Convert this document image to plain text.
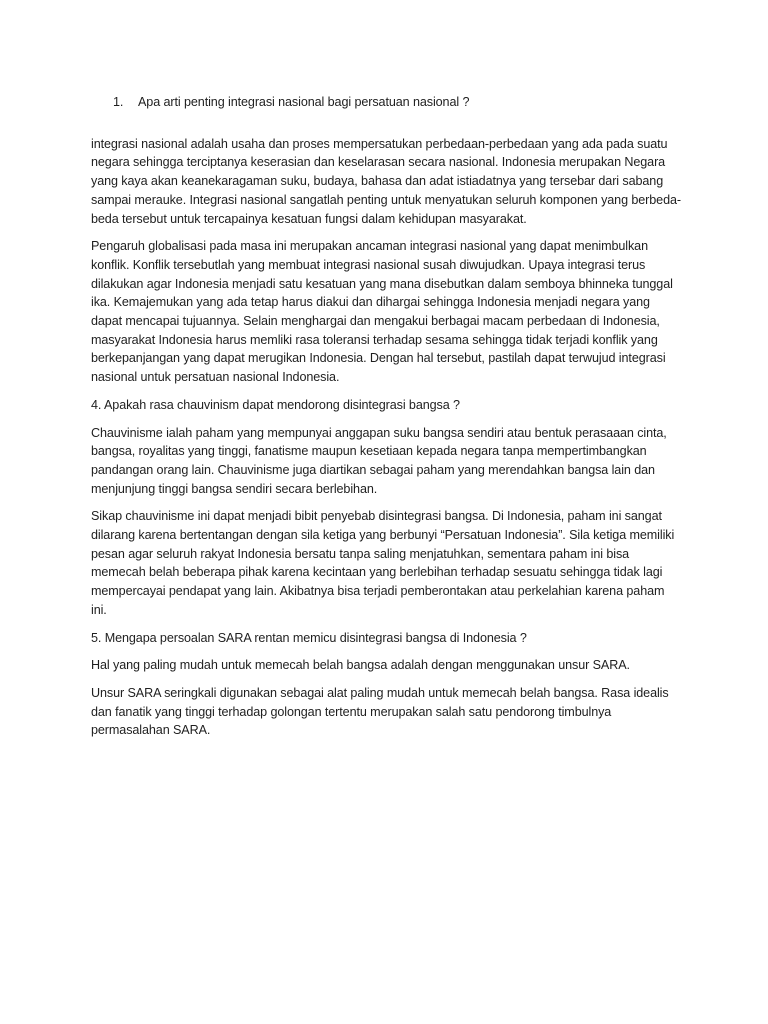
1.	Apa arti penting integrasi nasional bagi persatuan nasional ?

integrasi nasional adalah usaha dan proses mempersatukan perbedaan-perbedaan yang ada pada suatu negara sehingga terciptanya keserasian dan keselarasan secara nasional. Indonesia merupakan Negara yang kaya akan keanekaragaman suku, budaya, bahasa dan adat istiadatnya yang tersebar dari sabang sampai merauke. Integrasi nasional sangatlah penting untuk menyatukan seluruh komponen yang berbeda-beda tersebut untuk tercapainya kesatuan fungsi dalam kehidupan masyarakat.

Pengaruh globalisasi pada masa ini merupakan ancaman integrasi nasional yang dapat menimbulkan konflik. Konflik tersebutlah yang membuat integrasi nasional susah diwujudkan. Upaya integrasi terus dilakukan agar Indonesia menjadi satu kesatuan yang mana disebutkan dalam semboya bhinneka tunggal ika. Kemajemukan yang ada tetap harus diakui dan dihargai sehingga Indonesia menjadi negara yang dapat mencapai tujuannya. Selain menghargai dan mengakui berbagai macam perbedaan di Indonesia, masyarakat Indonesia harus memliki rasa toleransi terhadap sesama sehingga tidak terjadi konflik yang berkepanjangan yang dapat merugikan Indonesia. Dengan hal tersebut, pastilah dapat terwujud integrasi nasional untuk persatuan nasional Indonesia.

4. Apakah rasa chauvinism dapat mendorong disintegrasi bangsa ?

Chauvinisme ialah paham yang mempunyai anggapan suku bangsa sendiri atau bentuk perasaaan cinta, bangsa, royalitas yang tinggi, fanatisme maupun kesetiaan kepada negara tanpa mempertimbangkan pandangan orang lain. Chauvinisme juga diartikan sebagai paham yang merendahkan bangsa lain dan menjunjung tinggi bangsa sendiri secara berlebihan.

Sikap chauvinisme ini dapat menjadi bibit penyebab disintegrasi bangsa. Di Indonesia, paham ini sangat dilarang karena bertentangan dengan sila ketiga yang berbunyi “Persatuan Indonesia”. Sila ketiga memiliki pesan agar seluruh rakyat Indonesia bersatu tanpa saling menjatuhkan, sementara paham ini bisa memecah belah beberapa pihak karena kecintaan yang berlebihan terhadap sesuatu sehingga tidak lagi mempercayai pendapat yang lain. Akibatnya bisa terjadi pemberontakan atau perkelahian karena paham ini.

5. Mengapa persoalan SARA rentan memicu disintegrasi bangsa di Indonesia ?

Hal yang paling mudah untuk memecah belah bangsa adalah dengan menggunakan unsur SARA.

Unsur SARA seringkali digunakan sebagai alat paling mudah untuk memecah belah bangsa. Rasa idealis dan fanatik yang tinggi terhadap golongan tertentu merupakan salah satu pendorong timbulnya permasalahan SARA.
